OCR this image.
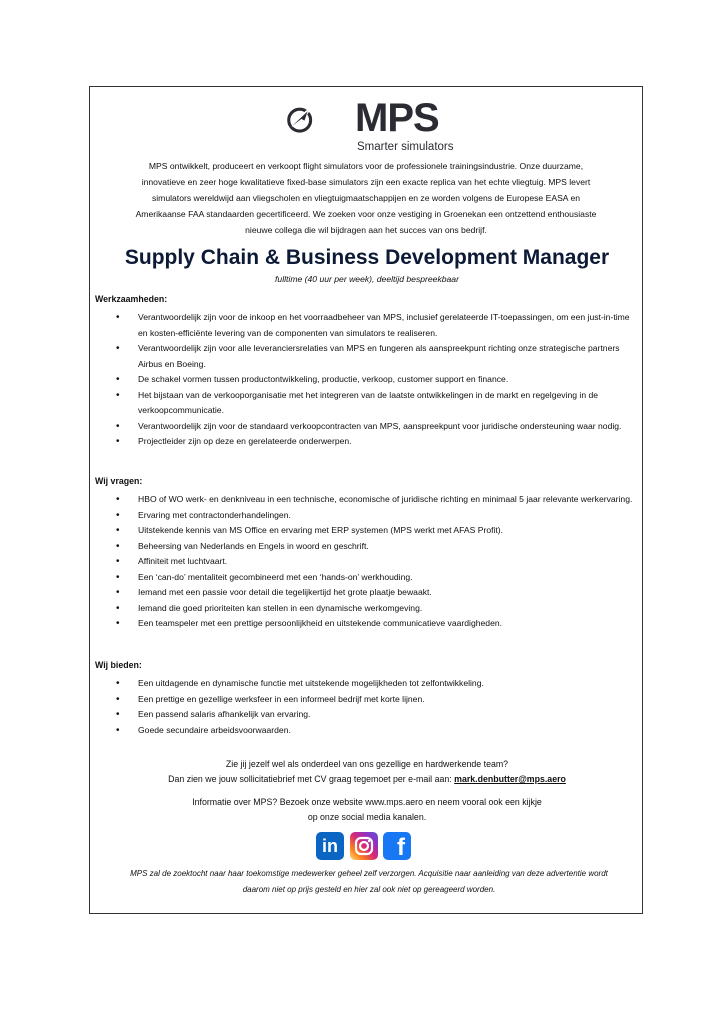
MPS
Smarter simulators
MPS ontwikkelt, produceert en verkoopt flight simulators voor de professionele trainingsindustrie. Onze duurzame,
innovatieve en zeer hoge kwalitatieve fixed-base simulators zijn een exacte replica van het echte vliegtuig. MPS levert
simulators wereldwijd aan vliegscholen en vliegtuigmaatschappijen en ze worden volgens de Europese EASA en
Amerikaanse FAA standaarden gecertificeerd. We zoeken voor onze vestiging in Groenekan een ontzettend enthousiaste
nieuwe collega die wil bijdragen aan het succes van ons bedrijf.
Supply Chain & Business Development Manager
fulltime (40 uur per week), deeltijd bespreekbaar
Werkzaamheden:
• Verantwoordelijk zijn voor de inkoop en het voorraadbeheer van MPS, inclusief gerelateerde IT-toepassingen, om een just-in-time en kosten-efficiënte levering van de componenten van simulators te realiseren.
• Verantwoordelijk zijn voor alle leveranciersrelaties van MPS en fungeren als aanspreekpunt richting onze strategische partners Airbus en Boeing.
• De schakel vormen tussen productontwikkeling, productie, verkoop, customer support en finance.
• Het bijstaan van de verkooporganisatie met het integreren van de laatste ontwikkelingen in de markt en regelgeving in de verkoopcommunicatie.
• Verantwoordelijk zijn voor de standaard verkoopcontracten van MPS, aanspreekpunt voor juridische ondersteuning waar nodig.
• Projectleider zijn op deze en gerelateerde onderwerpen.
Wij vragen:
• HBO of WO werk- en denkniveau in een technische, economische of juridische richting en minimaal 5 jaar relevante werkervaring.
• Ervaring met contractonderhandelingen.
• Uitstekende kennis van MS Office en ervaring met ERP systemen (MPS werkt met AFAS Profit).
• Beheersing van Nederlands en Engels in woord en geschrift.
• Affiniteit met luchtvaart.
• Een ‘can-do’ mentaliteit gecombineerd met een ‘hands-on’ werkhouding.
• Iemand met een passie voor detail die tegelijkertijd het grote plaatje bewaakt.
• Iemand die goed prioriteiten kan stellen in een dynamische werkomgeving.
• Een teamspeler met een prettige persoonlijkheid en uitstekende communicatieve vaardigheden.
Wij bieden:
• Een uitdagende en dynamische functie met uitstekende mogelijkheden tot zelfontwikkeling.
• Een prettige en gezellige werksfeer in een informeel bedrijf met korte lijnen.
• Een passend salaris afhankelijk van ervaring.
• Goede secundaire arbeidsvoorwaarden.
Zie jij jezelf wel als onderdeel van ons gezellige en hardwerkende team?
Dan zien we jouw sollicitatiebrief met CV graag tegemoet per e-mail aan: mark.denbutter@mps.aero
Informatie over MPS? Bezoek onze website www.mps.aero en neem vooral ook een kijkje
op onze social media kanalen.
in	f
MPS zal de zoektocht naar haar toekomstige medewerker geheel zelf verzorgen. Acquisitie naar aanleiding van deze advertentie wordt
daarom niet op prijs gesteld en hier zal ook niet op gereageerd worden.
